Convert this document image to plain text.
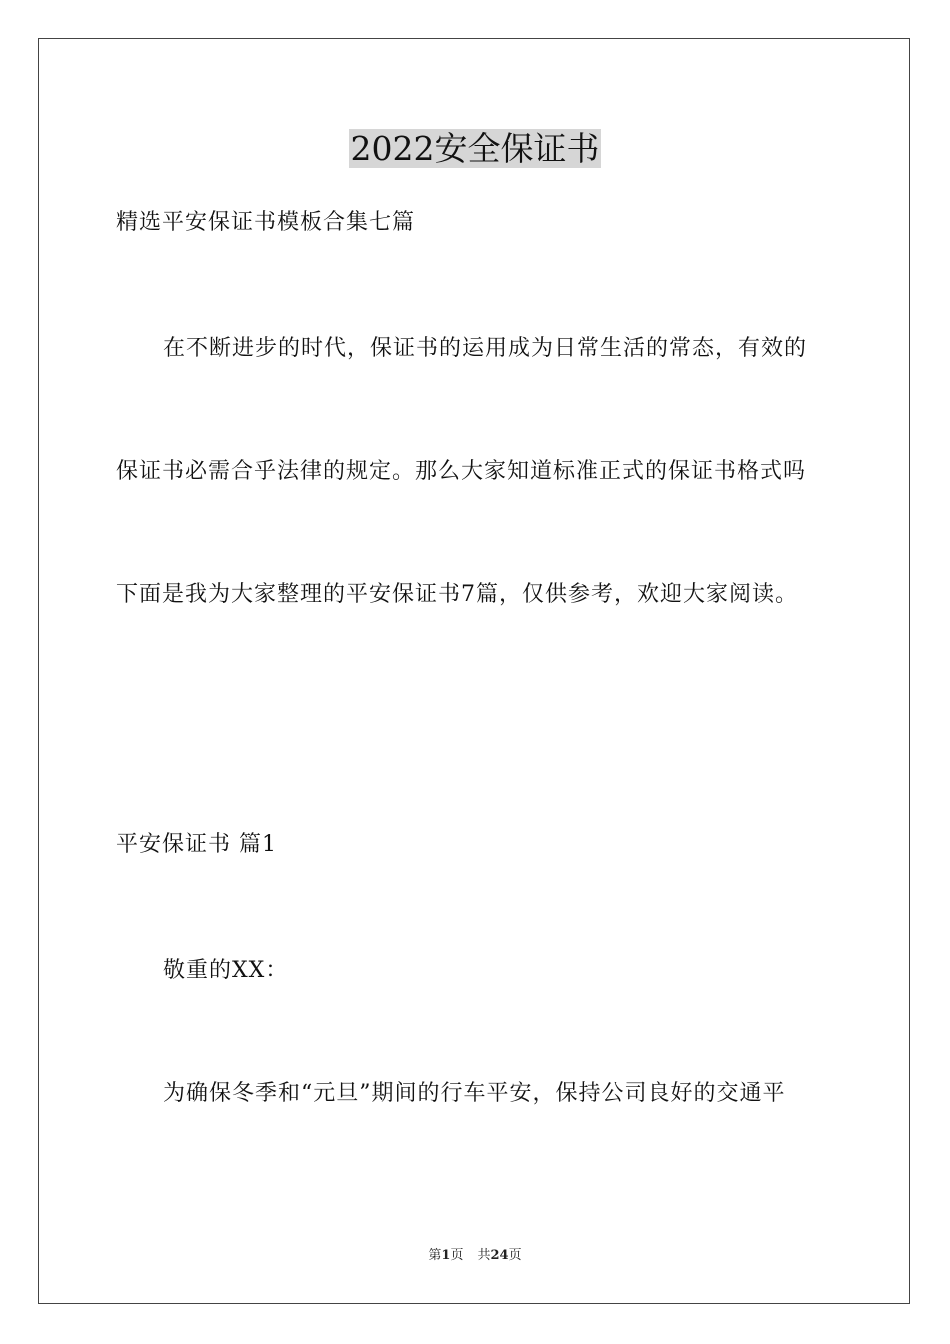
2022安全保证书
精选平安保证书模板合集七篇
在不断进步的时代，保证书的运用成为日常生活的常态，有效的
保证书必需合乎法律的规定。那么大家知道标准正式的保证书格式吗
下面是我为大家整理的平安保证书7篇，仅供参考，欢迎大家阅读。
平安保证书 篇1
敬重的XX：
为确保冬季和“元旦”期间的行车平安，保持公司良好的交通平
第1页 共24页
